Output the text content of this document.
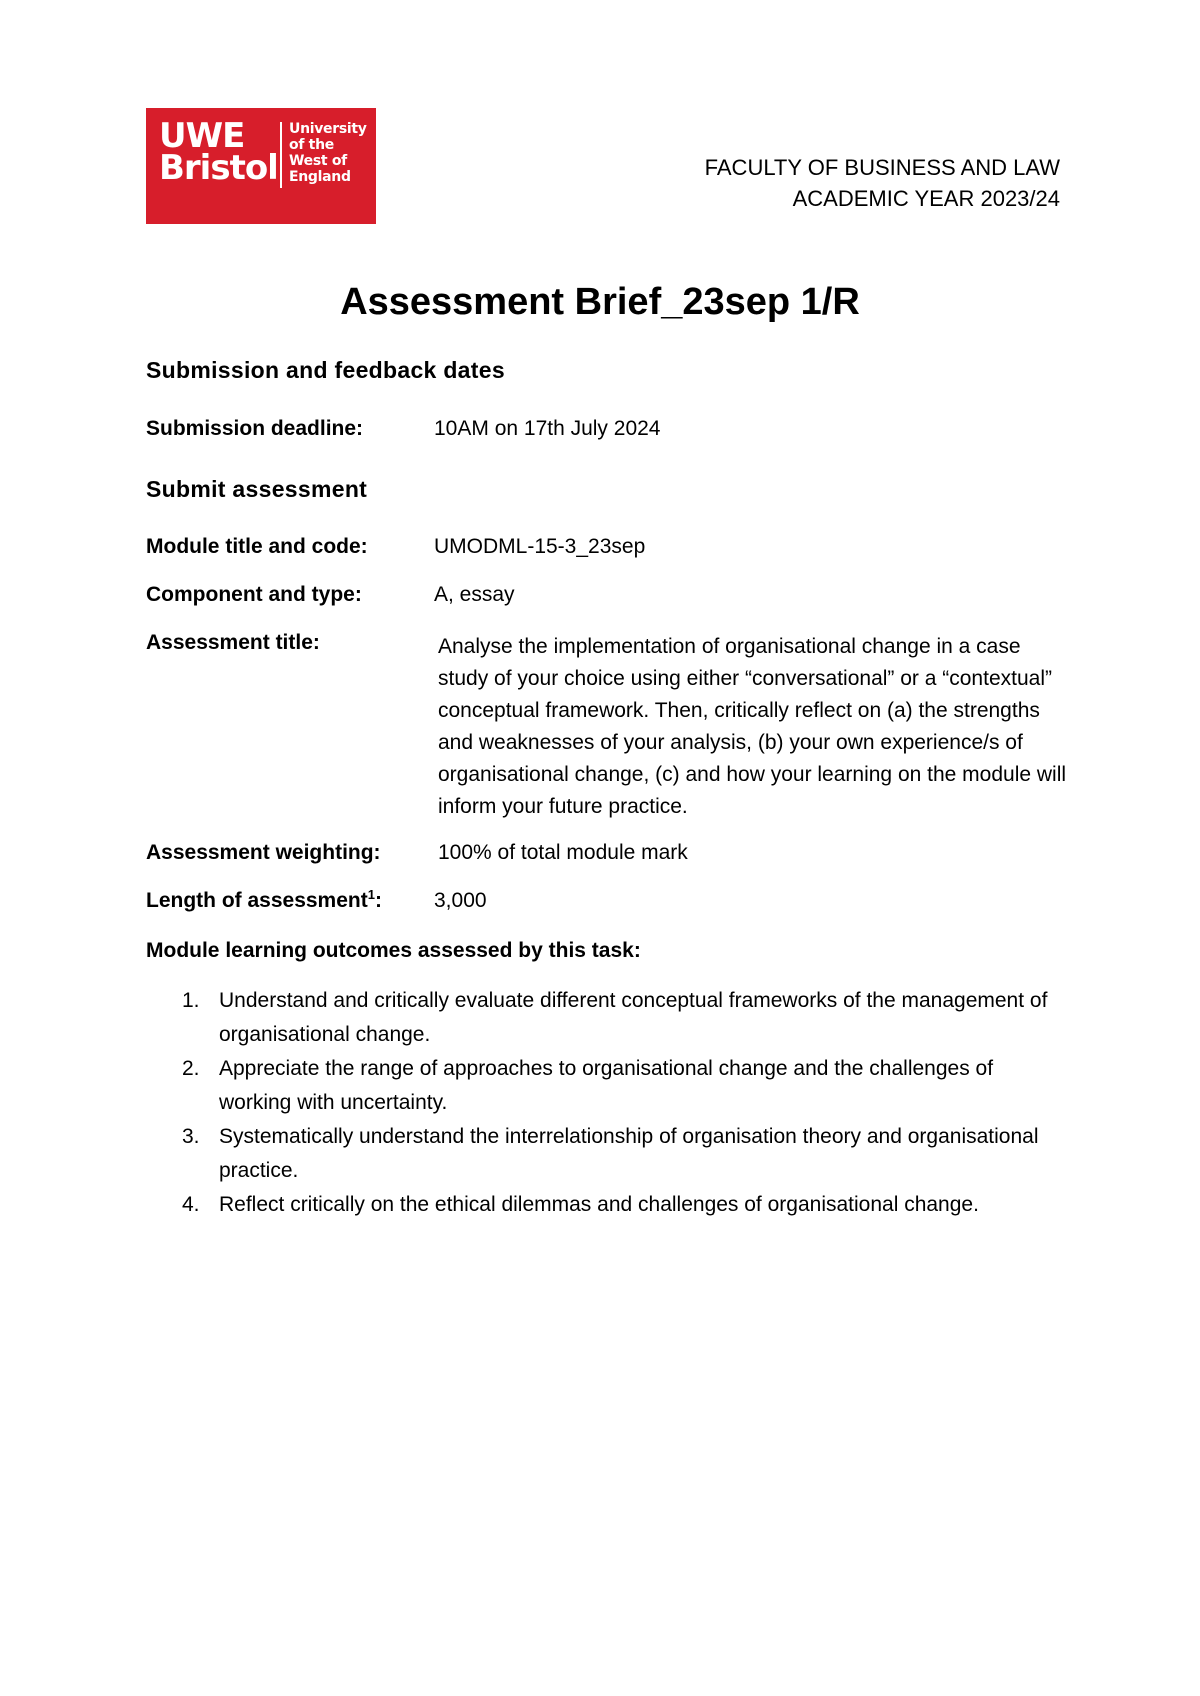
UWE
Bristol
University
of the
West of
England	FACULTY OF BUSINESS AND LAW
ACADEMIC YEAR 2023/24
Assessment Brief_23sep 1/R
Submission and feedback dates
Submission deadline:	10AM on 17th July 2024
Submit assessment
Module title and code:	UMODML-15-3_23sep
Component and type:	A, essay
Assessment title:	Analyse the implementation of organisational change in a case study of your choice using either “conversational” or a “contextual” conceptual framework. Then, critically reflect on (a) the strengths and weaknesses of your analysis, (b) your own experience/s of organisational change, (c) and how your learning on the module will inform your future practice.
Assessment weighting:	100% of total module mark
Length of assessment$^1$: 3,000
Module learning outcomes assessed by this task:
1. Understand and critically evaluate different conceptual frameworks of the management of organisational change.
2. Appreciate the range of approaches to organisational change and the challenges of working with uncertainty.
3. Systematically understand the interrelationship of organisation theory and organisational practice.
4. Reflect critically on the ethical dilemmas and challenges of organisational change.
